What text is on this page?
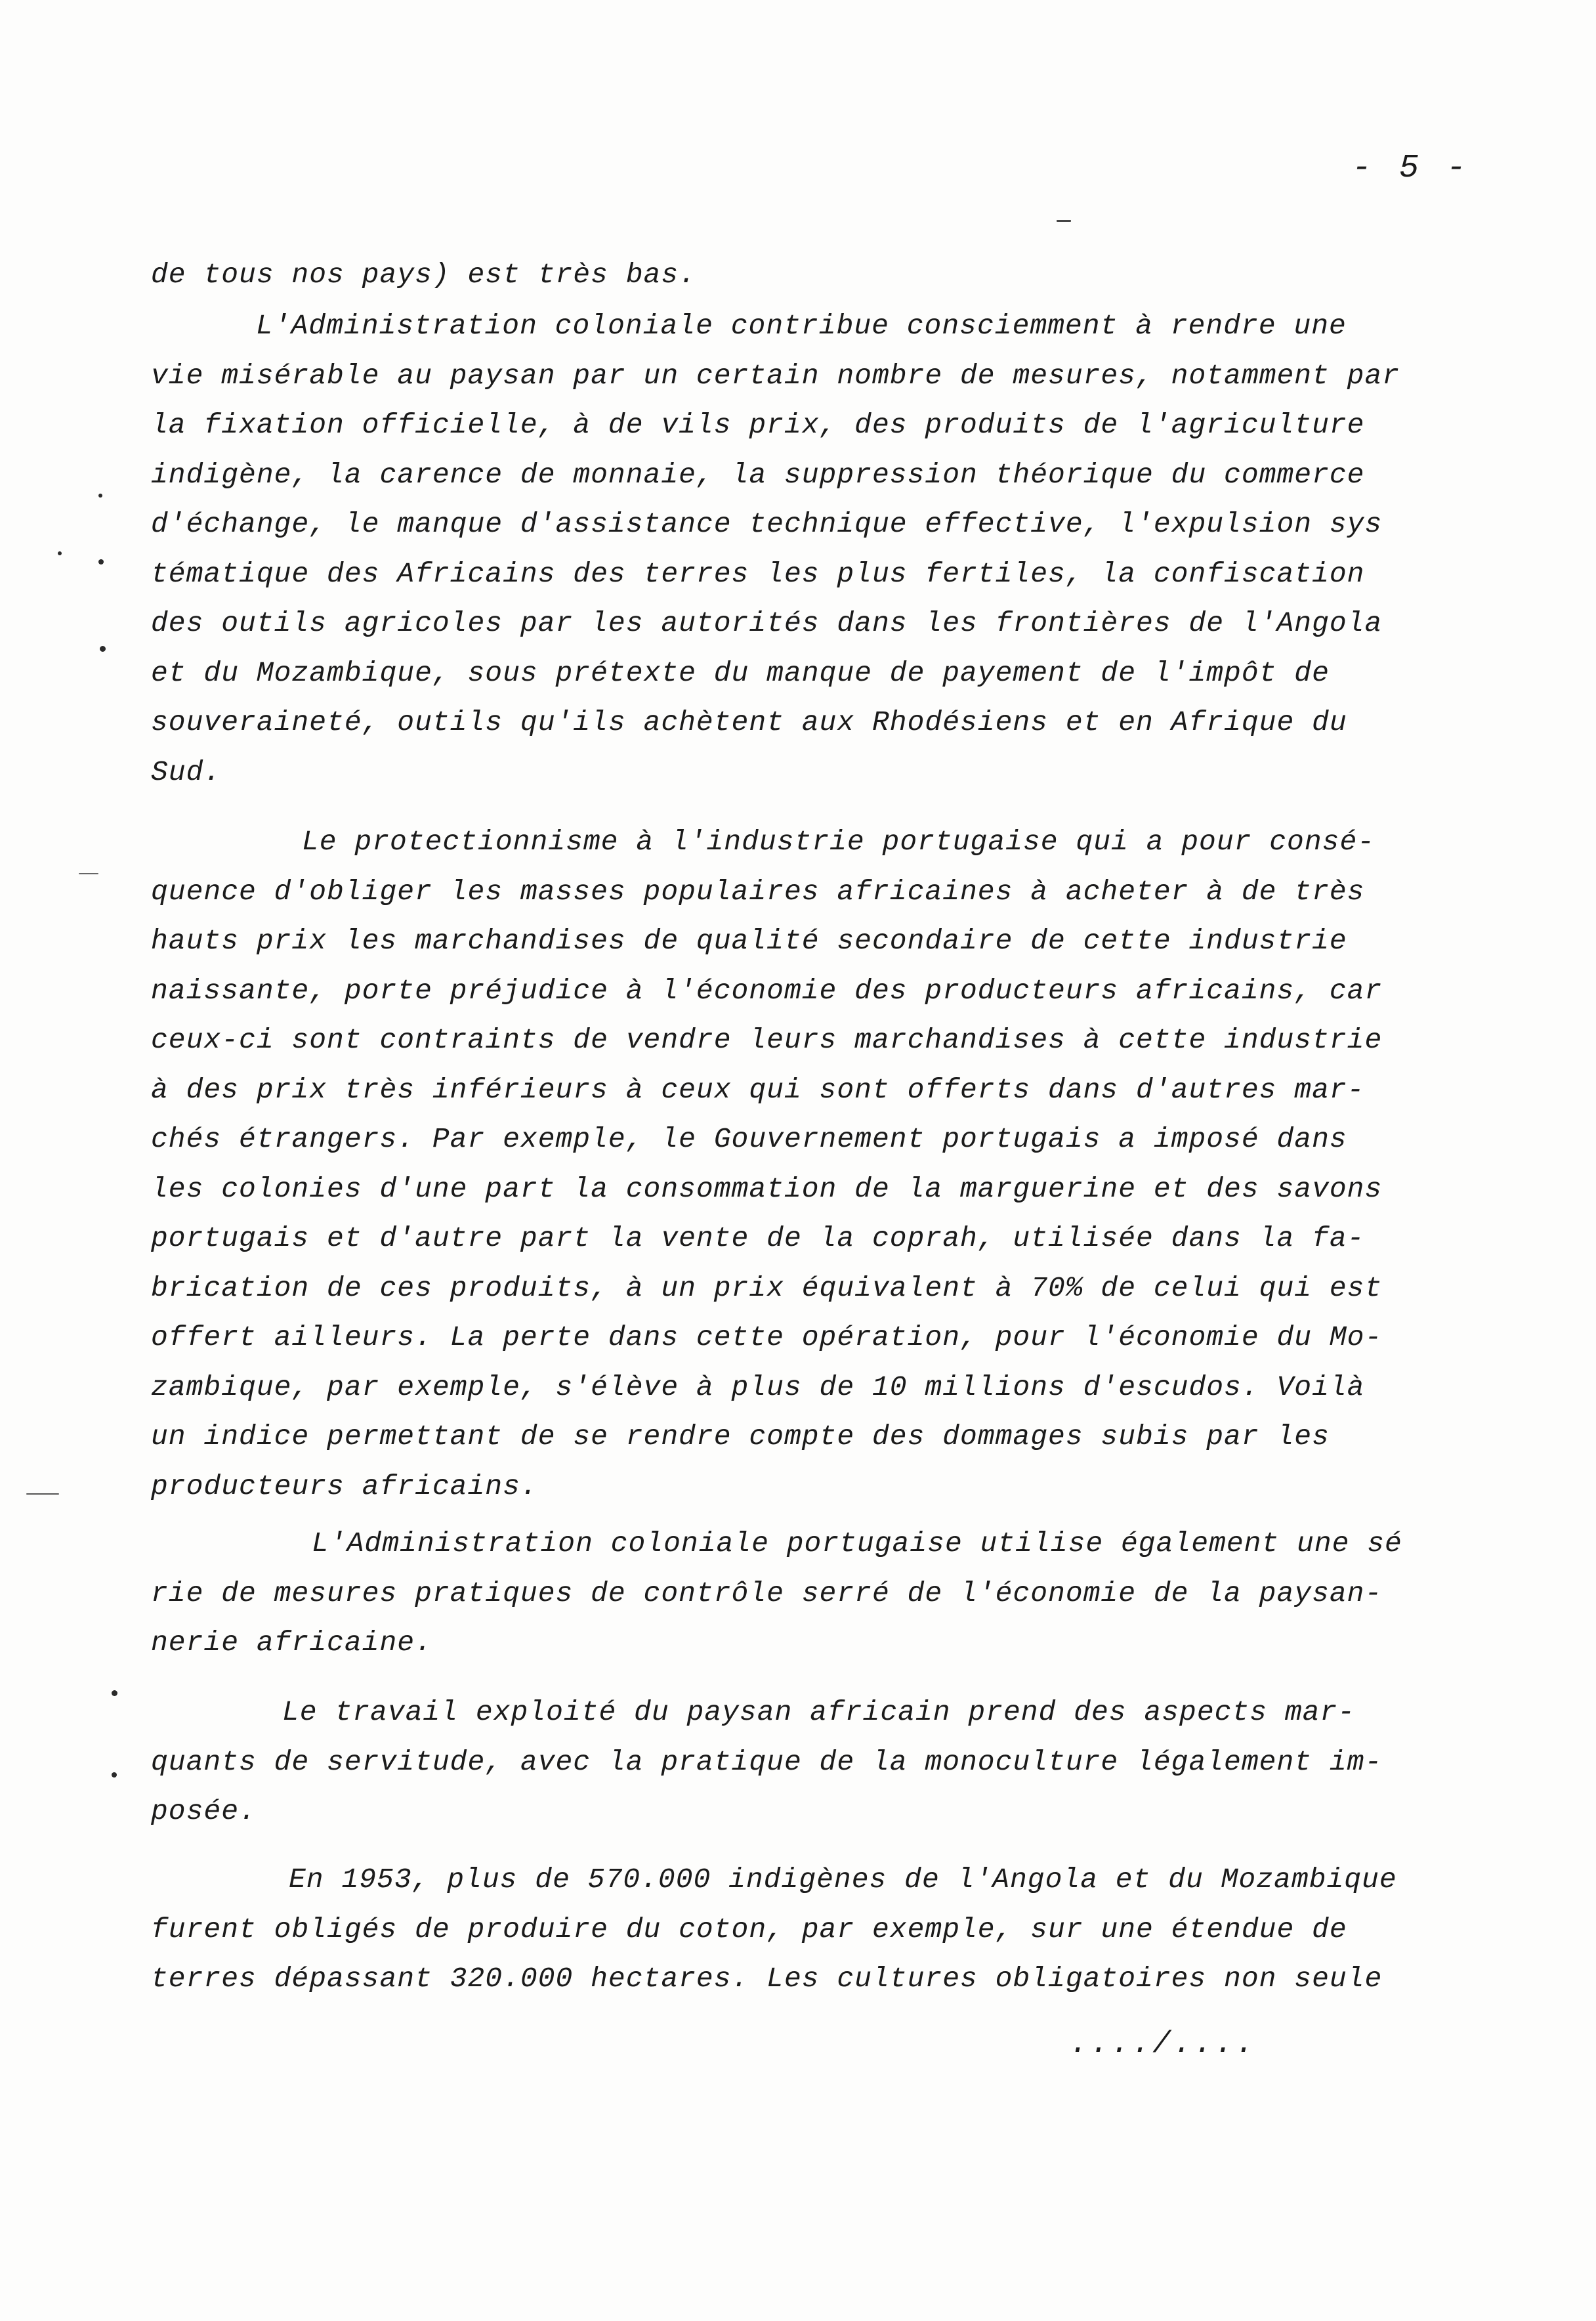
- 5 -
de tous nos pays) est très bas.
L'Administration coloniale contribue consciemment à rendre une
vie misérable au paysan par un certain nombre de mesures, notamment par
la fixation officielle, à de vils prix, des produits de l'agriculture
indigène, la carence de monnaie, la suppression théorique du commerce
d'échange, le manque d'assistance technique effective, l'expulsion sys
tématique des Africains des terres les plus fertiles, la confiscation
des outils agricoles par les autorités dans les frontières de l'Angola
et du Mozambique, sous prétexte du manque de payement de l'impôt de
souveraineté, outils qu'ils achètent aux Rhodésiens et en Afrique du
Sud.
Le protectionnisme à l'industrie portugaise qui a pour consé-
quence d'obliger les masses populaires africaines à acheter à de très
hauts prix les marchandises de qualité secondaire de cette industrie
naissante, porte préjudice à l'économie des producteurs africains, car
ceux-ci sont contraints de vendre leurs marchandises à cette industrie
à des prix très inférieurs à ceux qui sont offerts dans d'autres mar-
chés étrangers. Par exemple, le Gouvernement portugais a imposé dans
les colonies d'une part la consommation de la marguerine et des savons
portugais et d'autre part la vente de la coprah, utilisée dans la fa-
brication de ces produits, à un prix équivalent à 70% de celui qui est
offert ailleurs. La perte dans cette opération, pour l'économie du Mo-
zambique, par exemple, s'élève à plus de 10 millions d'escudos. Voilà
un indice permettant de se rendre compte des dommages subis par les
producteurs africains.
L'Administration coloniale portugaise utilise également une sé
rie de mesures pratiques de contrôle serré de l'économie de la paysan-
nerie africaine.
Le travail exploité du paysan africain prend des aspects mar-
quants de servitude, avec la pratique de la monoculture légalement im-
posée.
En 1953, plus de 570.000 indigènes de l'Angola et du Mozambique
furent obligés de produire du coton, par exemple, sur une étendue de
terres dépassant 320.000 hectares. Les cultures obligatoires non seule
..../....
